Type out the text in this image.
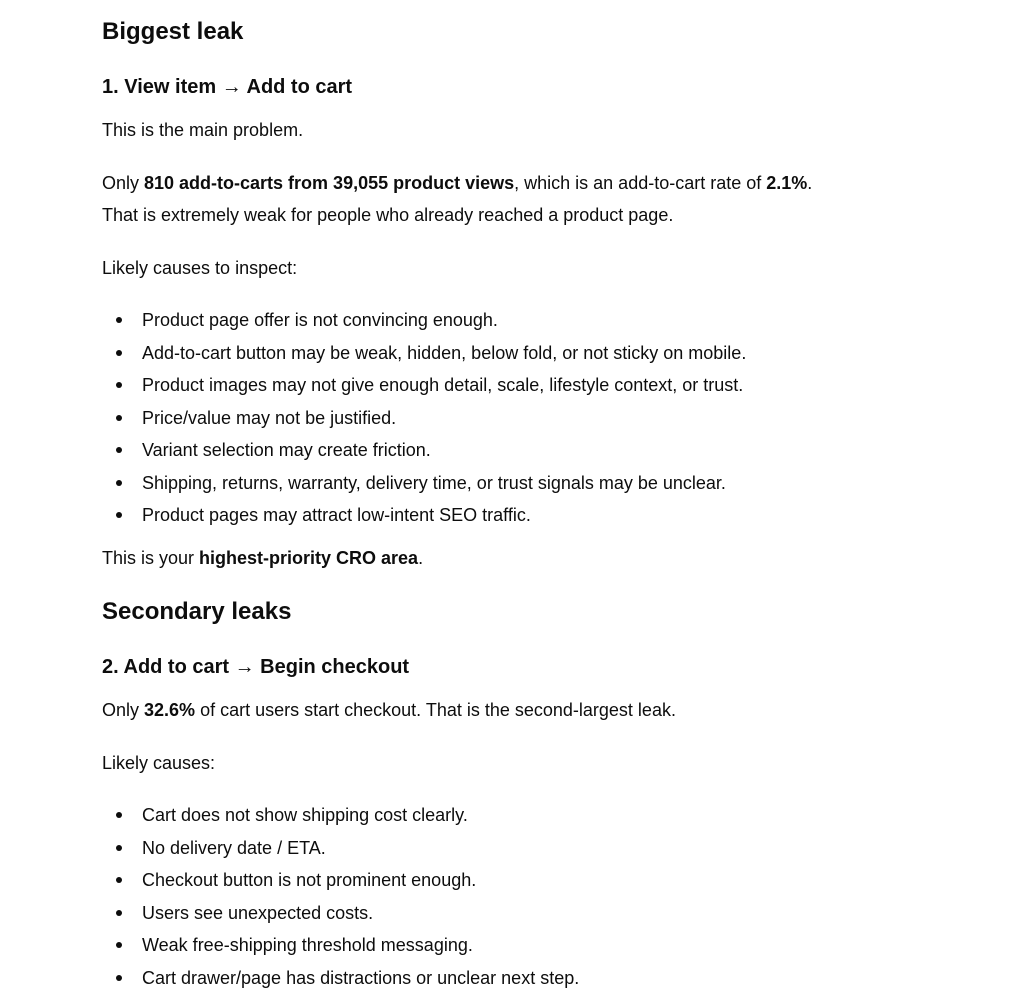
Biggest leak
1. View item → Add to cart

This is the main problem.

Only 810 add-to-carts from 39,055 product views, which is an add-to-cart rate of 2.1%.

That is extremely weak for people who already reached a product page.

Likely causes to inspect:

Product page offer is not convincing enough.
Add-to-cart button may be weak, hidden, below fold, or not sticky on mobile.
Product images may not give enough detail, scale, lifestyle context, or trust.
Price/value may not be justified.
Variant selection may create friction.
Shipping, returns, warranty, delivery time, or trust signals may be unclear.
Product pages may attract low-intent SEO traffic.

This is your highest-priority CRO area.

Secondary leaks
2. Add to cart → Begin checkout

Only 32.6% of cart users start checkout. That is the second-largest leak.

Likely causes:

Cart does not show shipping cost clearly.
No delivery date / ETA.
Checkout button is not prominent enough.
Users see unexpected costs.
Weak free-shipping threshold messaging.
Cart drawer/page has distractions or unclear next step.
